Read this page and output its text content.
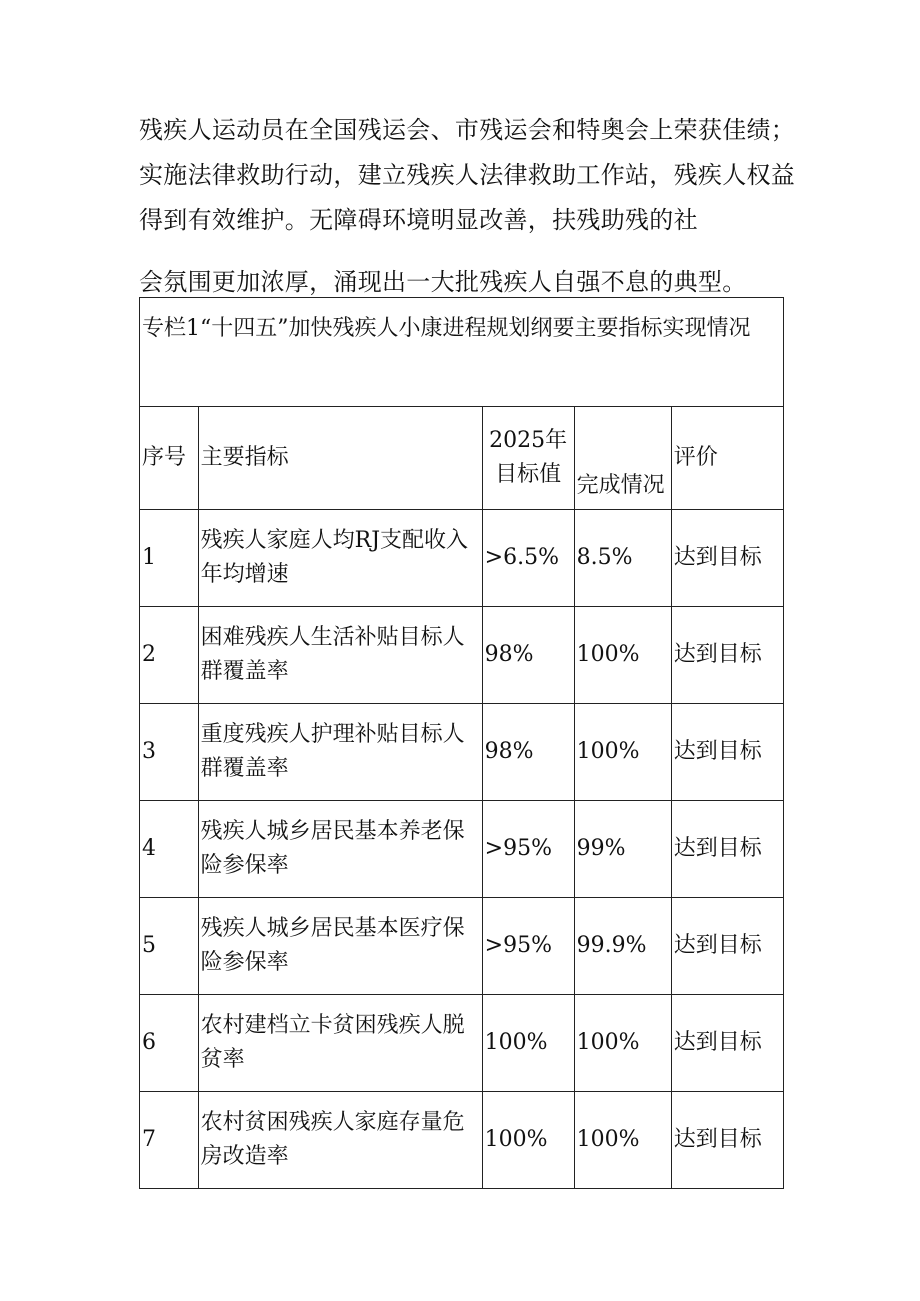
残疾人运动员在全国残运会、市残运会和特奥会上荣获佳绩；实施法律救助行动，建立残疾人法律救助工作站，残疾人权益得到有效维护。无障碍环境明显改善，扶残助残的社
会氛围更加浓厚，涌现出一大批残疾人自强不息的典型。
专栏1“十四五”加快残疾人小康进程规划纲要主要指标实现情况				
序号	主要指标	2025年目标值	完成情况	评价
1	残疾人家庭人均RJ支配收入年均增速	>6.5%	8.5%	达到目标
2	困难残疾人生活补贴目标人群覆盖率	98%	100%	达到目标
3	重度残疾人护理补贴目标人群覆盖率	98%	100%	达到目标
4	残疾人城乡居民基本养老保险参保率	>95%	99%	达到目标
5	残疾人城乡居民基本医疗保险参保率	>95%	99.9%	达到目标
6	农村建档立卡贫困残疾人脱贫率	100%	100%	达到目标
7	农村贫困残疾人家庭存量危房改造率	100%	100%	达到目标
